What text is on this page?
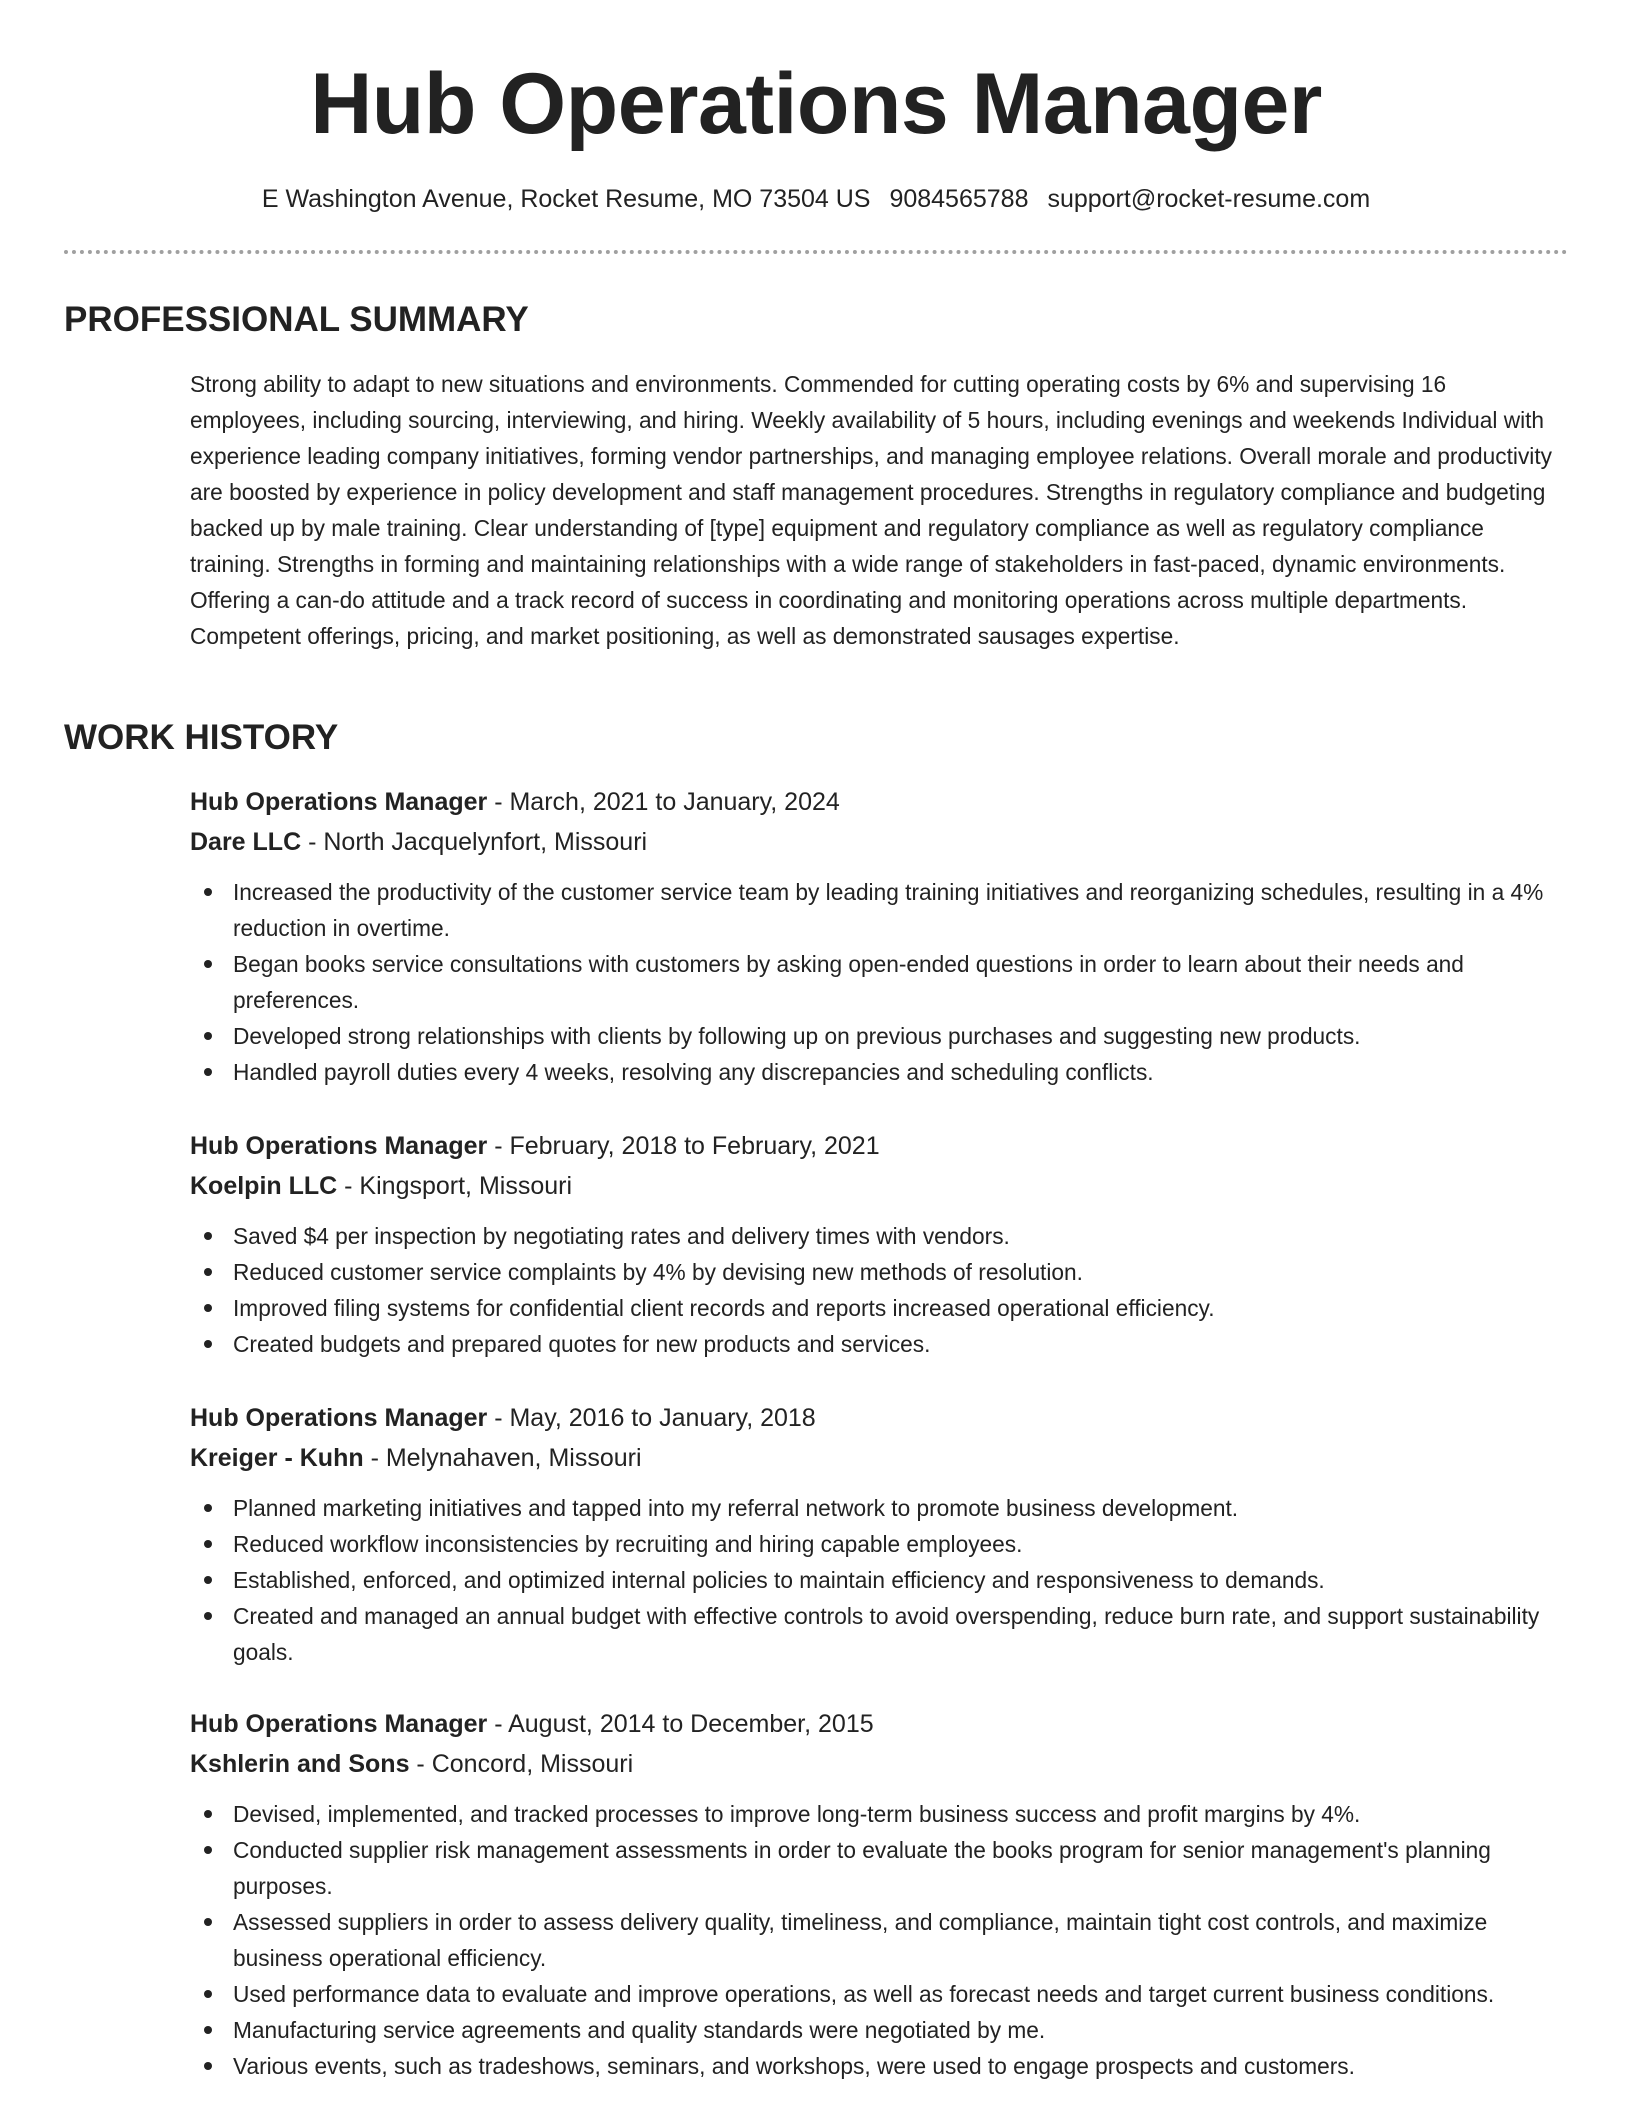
Hub Operations Manager
E Washington Avenue, Rocket Resume, MO 73504 US 9084565788 support@rocket-resume.com
PROFESSIONAL SUMMARY

Strong ability to adapt to new situations and environments. Commended for cutting operating costs by 6% and supervising 16 employees, including sourcing, interviewing, and hiring. Weekly availability of 5 hours, including evenings and weekends Individual with experience leading company initiatives, forming vendor partnerships, and managing employee relations. Overall morale and productivity are boosted by experience in policy development and staff management procedures. Strengths in regulatory compliance and budgeting backed up by male training. Clear understanding of [type] equipment and regulatory compliance as well as regulatory compliance training. Strengths in forming and maintaining relationships with a wide range of stakeholders in fast-paced, dynamic environments. Offering a can-do attitude and a track record of success in coordinating and monitoring operations across multiple departments. Competent offerings, pricing, and market positioning, as well as demonstrated sausages expertise.

WORK HISTORY
Hub Operations Manager - March, 2021 to January, 2024
Dare LLC - North Jacquelynfort, Missouri
Increased the productivity of the customer service team by leading training initiatives and reorganizing schedules, resulting in a 4% reduction in overtime.
Began books service consultations with customers by asking open-ended questions in order to learn about their needs and preferences.
Developed strong relationships with clients by following up on previous purchases and suggesting new products.
Handled payroll duties every 4 weeks, resolving any discrepancies and scheduling conflicts.
Hub Operations Manager - February, 2018 to February, 2021
Koelpin LLC - Kingsport, Missouri
Saved $4 per inspection by negotiating rates and delivery times with vendors.
Reduced customer service complaints by 4% by devising new methods of resolution.
Improved filing systems for confidential client records and reports increased operational efficiency.
Created budgets and prepared quotes for new products and services.
Hub Operations Manager - May, 2016 to January, 2018
Kreiger - Kuhn - Melynahaven, Missouri
Planned marketing initiatives and tapped into my referral network to promote business development.
Reduced workflow inconsistencies by recruiting and hiring capable employees.
Established, enforced, and optimized internal policies to maintain efficiency and responsiveness to demands.
Created and managed an annual budget with effective controls to avoid overspending, reduce burn rate, and support sustainability goals.
Hub Operations Manager - August, 2014 to December, 2015
Kshlerin and Sons - Concord, Missouri
Devised, implemented, and tracked processes to improve long-term business success and profit margins by 4%.
Conducted supplier risk management assessments in order to evaluate the books program for senior management's planning purposes.
Assessed suppliers in order to assess delivery quality, timeliness, and compliance, maintain tight cost controls, and maximize business operational efficiency.
Used performance data to evaluate and improve operations, as well as forecast needs and target current business conditions.
Manufacturing service agreements and quality standards were negotiated by me.
Various events, such as tradeshows, seminars, and workshops, were used to engage prospects and customers.
